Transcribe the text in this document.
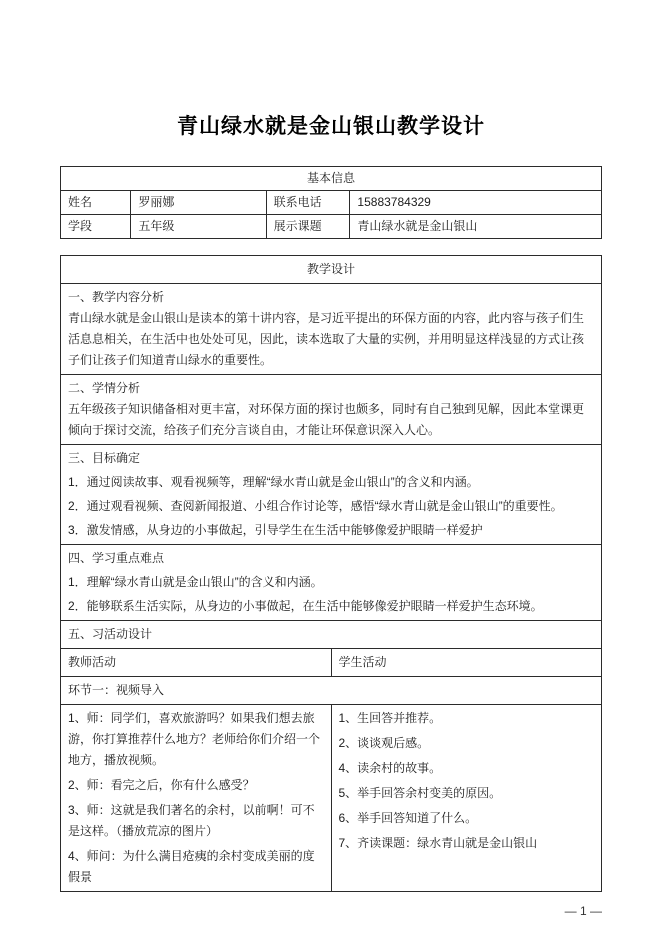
青山绿水就是金山银山教学设计
基本信息			
姓名	罗丽娜	联系电话	15883784329
学段	五年级	展示课题	青山绿水就是金山银山
教学设计	

一、教学内容分析
青山绿水就是金山银山是读本的第十讲内容，是习近平提出的环保方面的内容，此内容与孩子们生活息息相关，在生活中也处处可见，因此，读本选取了大量的实例，并用明显这样浅显的方式让孩子们让孩子们知道青山绿水的重要性。	

二、学情分析
五年级孩子知识储备相对更丰富，对环保方面的探讨也颇多，同时有自己独到见解，因此本堂课更倾向于探讨交流，给孩子们充分言谈自由，才能让环保意识深入人心。	

三、目标确定
1．通过阅读故事、观看视频等，理解“绿水青山就是金山银山”的含义和内涵。
2．通过观看视频、查阅新闻报道、小组合作讨论等，感悟“绿水青山就是金山银山”的重要性。
3．激发情感，从身边的小事做起，引导学生在生活中能够像爱护眼睛一样爱护	

四、学习重点难点
1．理解“绿水青山就是金山银山”的含义和内涵。
2．能够联系生活实际，从身边的小事做起，在生活中能够像爱护眼睛一样爱护生态环境。	

五、习活动设计	

教师活动	学生活动
环节一：视频导入	

1、师：同学们，喜欢旅游吗？如果我们想去旅游，你打算推荐什么地方？老师给你们介绍一个地方，播放视频。
2、师：看完之后，你有什么感受？
3、师：这就是我们著名的余村，以前啊！可不是这样。（播放荒凉的图片）
4、师问：为什么满目疮痍的余村变成美丽的度假景

1、生回答并推荐。
2、谈谈观后感。
4、读余村的故事。
5、举手回答余村变美的原因。
6、举手回答知道了什么。
7、齐读课题：绿水青山就是金山银山
— 1 —
